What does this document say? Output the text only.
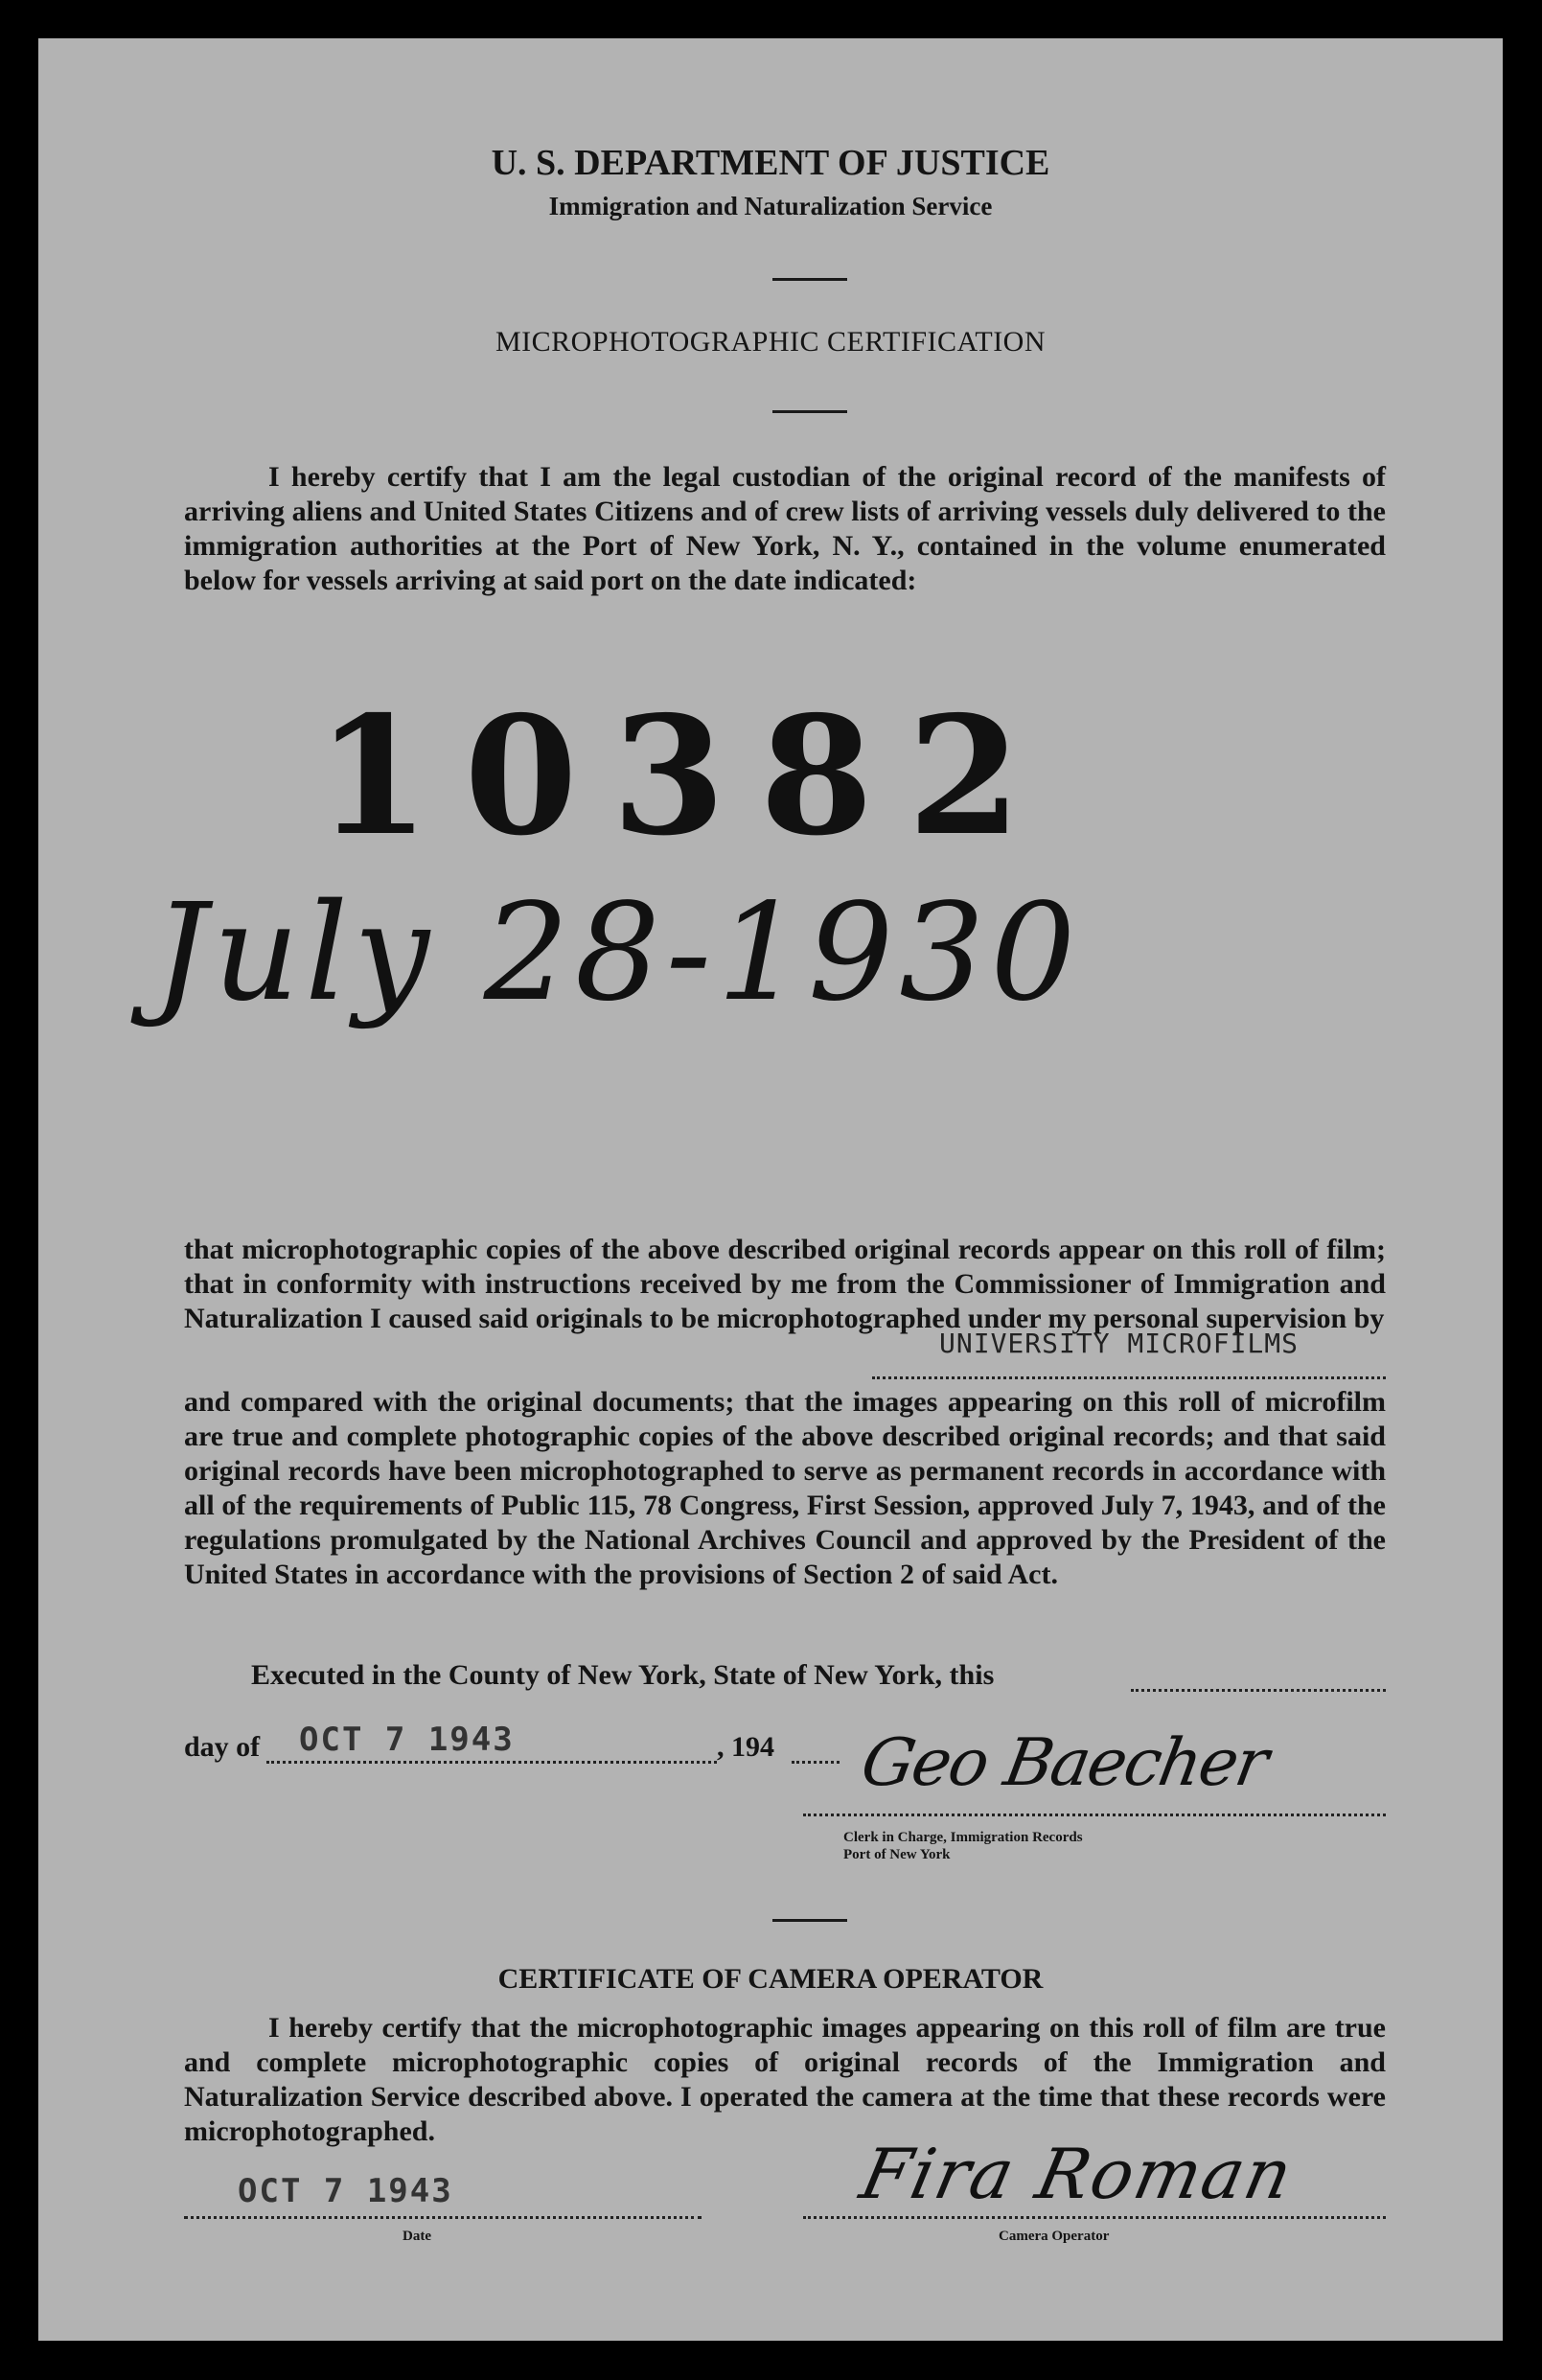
U. S. DEPARTMENT OF JUSTICE
Immigration and Naturalization Service
MICROPHOTOGRAPHIC CERTIFICATION
I hereby certify that I am the legal custodian of the original record of the manifests of arriving aliens and United States Citizens and of crew lists of arriving vessels duly delivered to the immigration authorities at the Port of New York, N. Y., contained in the volume enumerated below for vessels arriving at said port on the date indicated:
10382
July 28-1930
that microphotographic copies of the above described original records appear on this roll of film; that in conformity with instructions received by me from the Commissioner of Immigration and Naturalization I caused said originals to be microphotographed under my personal supervision by
UNIVERSITY MICROFILMS
and compared with the original documents; that the images appearing on this roll of microfilm are true and complete photographic copies of the above described original records; and that said original records have been microphotographed to serve as permanent records in accordance with all of the requirements of Public 115, 78 Congress, First Session, approved July 7, 1943, and of the regulations promulgated by the National Archives Council and approved by the President of the United States in accordance with the provisions of Section 2 of said Act.
Executed in the County of New York, State of New York, this
day of OCT 7 1943	, 194 Geo Baecher
Clerk in Charge, Immigration Records
Port of New York
CERTIFICATE OF CAMERA OPERATOR
I hereby certify that the microphotographic images appearing on this roll of film are true and complete microphotographic copies of original records of the Immigration and Naturalization Service described above. I operated the camera at the time that these records were microphotographed.
OCT 7 1943
Date
Fira Roman
Camera Operator
